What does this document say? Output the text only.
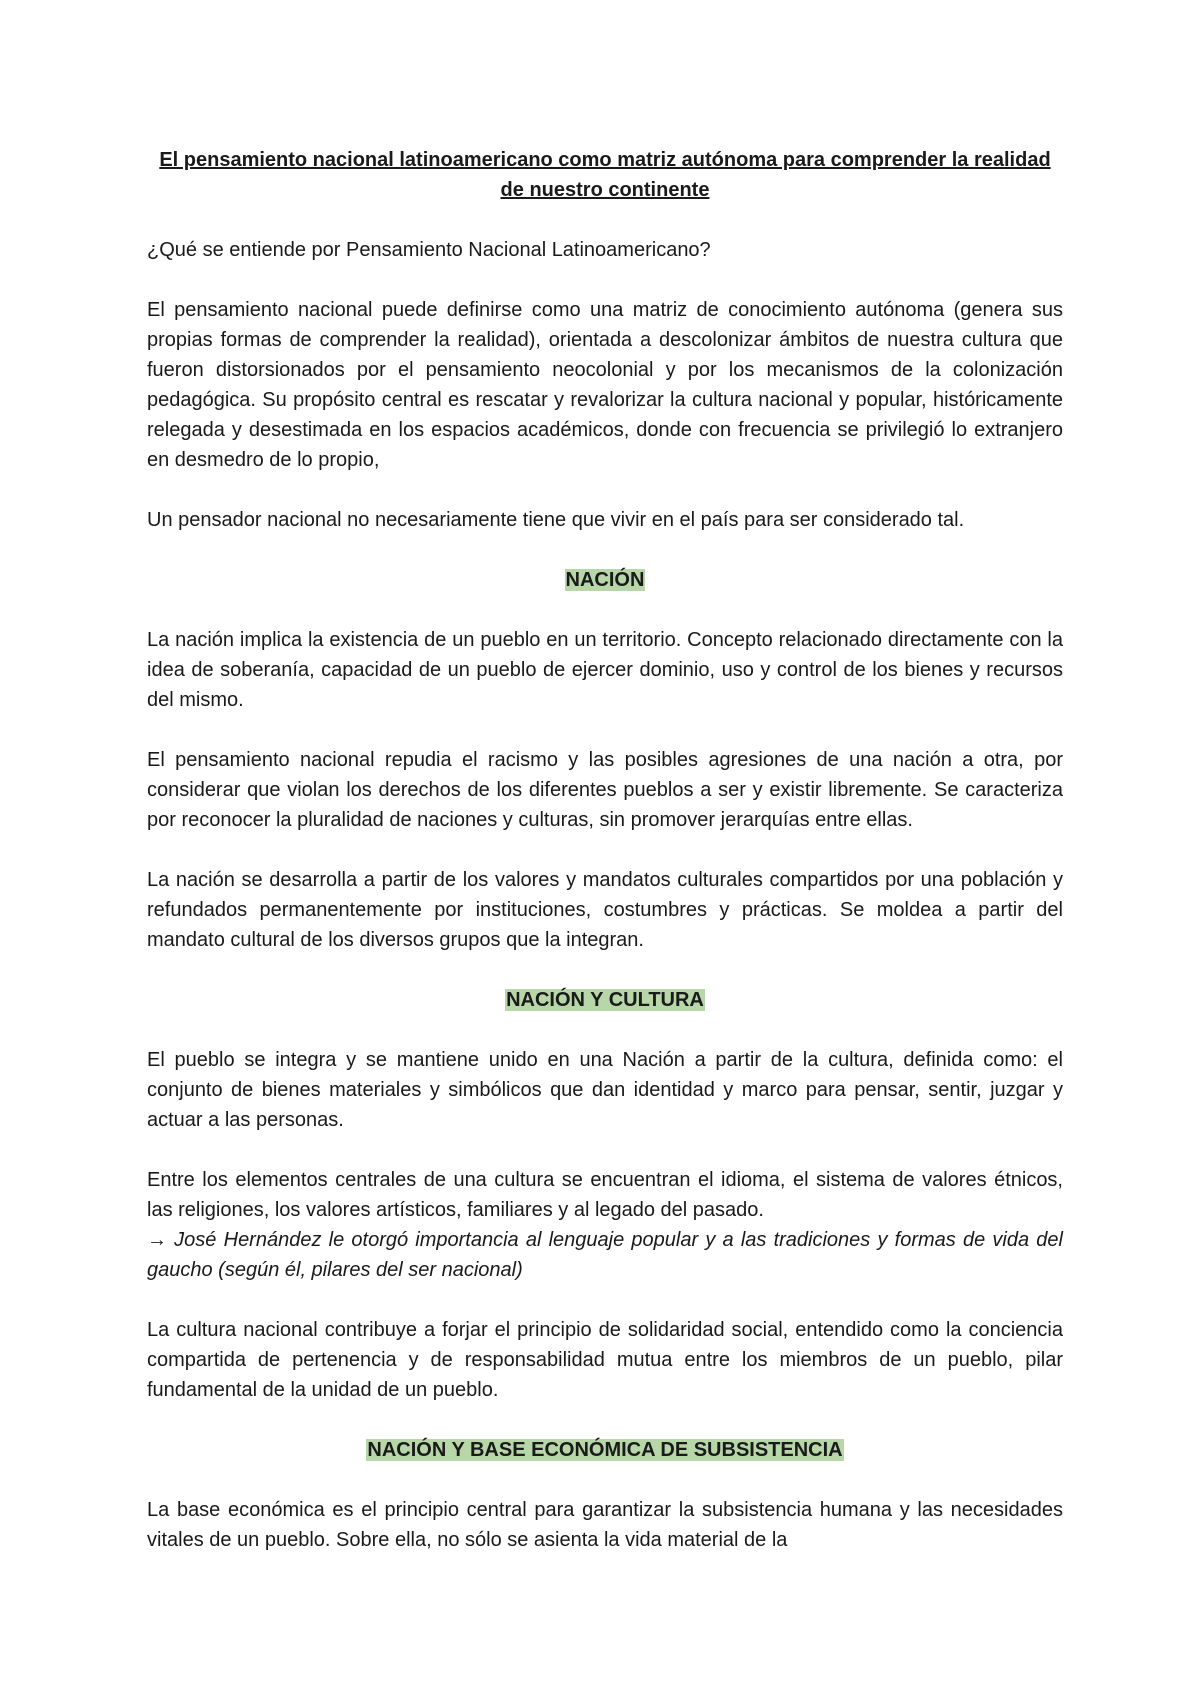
El pensamiento nacional latinoamericano como matriz autónoma para comprender la realidad de nuestro continente

¿Qué se entiende por Pensamiento Nacional Latinoamericano?

El pensamiento nacional puede definirse como una matriz de conocimiento autónoma (genera sus propias formas de comprender la realidad), orientada a descolonizar ámbitos de nuestra cultura que fueron distorsionados por el pensamiento neocolonial y por los mecanismos de la colonización pedagógica. Su propósito central es rescatar y revalorizar la cultura nacional y popular, históricamente relegada y desestimada en los espacios académicos, donde con frecuencia se privilegió lo extranjero en desmedro de lo propio,

Un pensador nacional no necesariamente tiene que vivir en el país para ser considerado tal.

NACIÓN

La nación implica la existencia de un pueblo en un territorio. Concepto relacionado directamente con la idea de soberanía, capacidad de un pueblo de ejercer dominio, uso y control de los bienes y recursos del mismo.

El pensamiento nacional repudia el racismo y las posibles agresiones de una nación a otra, por considerar que violan los derechos de los diferentes pueblos a ser y existir libremente. Se caracteriza por reconocer la pluralidad de naciones y culturas, sin promover jerarquías entre ellas.

La nación se desarrolla a partir de los valores y mandatos culturales compartidos por una población y refundados permanentemente por instituciones, costumbres y prácticas. Se moldea a partir del mandato cultural de los diversos grupos que la integran.

NACIÓN Y CULTURA

El pueblo se integra y se mantiene unido en una Nación a partir de la cultura, definida como: el conjunto de bienes materiales y simbólicos que dan identidad y marco para pensar, sentir, juzgar y actuar a las personas.

Entre los elementos centrales de una cultura se encuentran el idioma, el sistema de valores étnicos, las religiones, los valores artísticos, familiares y al legado del pasado.

→ José Hernández le otorgó importancia al lenguaje popular y a las tradiciones y formas de vida del gaucho (según él, pilares del ser nacional)

La cultura nacional contribuye a forjar el principio de solidaridad social, entendido como la conciencia compartida de pertenencia y de responsabilidad mutua entre los miembros de un pueblo, pilar fundamental de la unidad de un pueblo.

NACIÓN Y BASE ECONÓMICA DE SUBSISTENCIA

La base económica es el principio central para garantizar la subsistencia humana y las necesidades vitales de un pueblo. Sobre ella, no sólo se asienta la vida material de la
